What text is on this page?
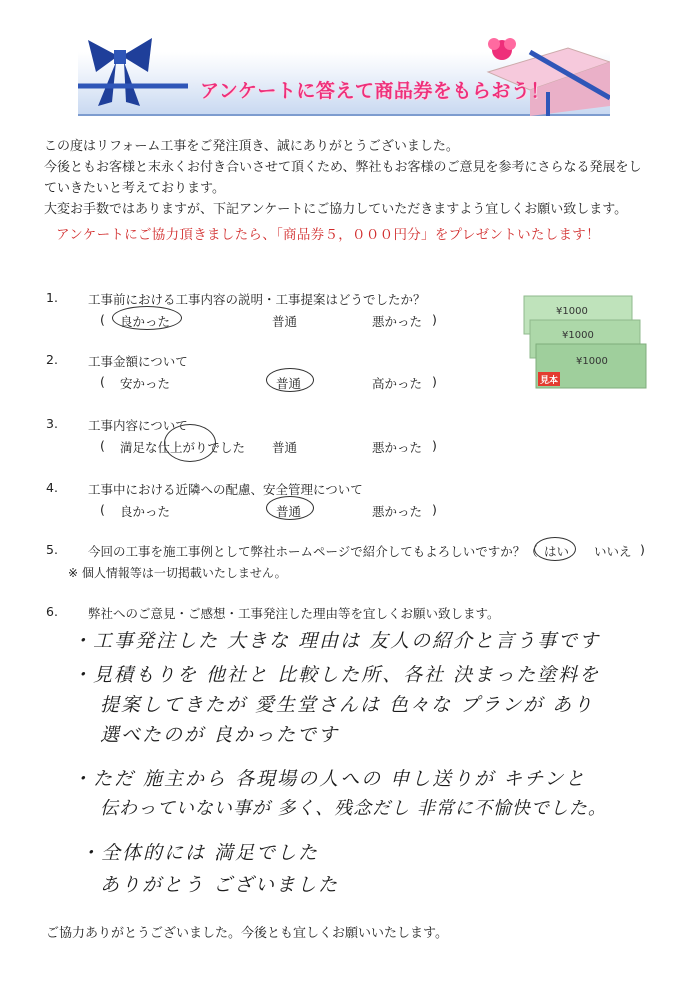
アンケートに答えて商品券をもらおう！

この度はリフォーム工事をご発注頂き、誠にありがとうございました。

今後ともお客様と末永くお付き合いさせて頂くため、弊社もお客様のご意見を参考にさらなる発展をし

ていきたいと考えております。

大変お手数ではありますが、下記アンケートにご協力していただきますよう宜しくお願い致します。

アンケートにご協力頂きましたら、「商品券５，０００円分」をプレゼントいたします！
¥1000
¥1000
¥1000
見本
1. 工事前における工事内容の説明・工事提案はどうでしたか？
( 良かった	普通	悪かった )
2. 工事金額について
( 安かった	普通	高かった )
3. 工事内容について
( 満足な仕上がりでした 普通	悪かった )
4. 工事中における近隣への配慮、安全管理について
( 良かった	普通	悪かった )
5. 今回の工事を施工事例として弊社ホームページで紹介してもよろしいですか？（ はい いいえ )
※ 個人情報等は一切掲載いたしません。
6. 弊社へのご意見・ご感想・工事発注した理由等を宜しくお願い致します。
・工事発注した 大きな 理由は 友人の紹介と言う事です
・見積もりを 他社と 比較した所、各社 決まった塗料を
提案してきたが 愛生堂さんは 色々な プランが あり
選べたのが 良かったです
・ただ 施主から 各現場の人への 申し送りが キチンと
伝わっていない事が 多く、残念だし 非常に不愉快でした。
・全体的には 満足でした
ありがとう ございました
ご協力ありがとうございました。今後とも宜しくお願いいたします。
